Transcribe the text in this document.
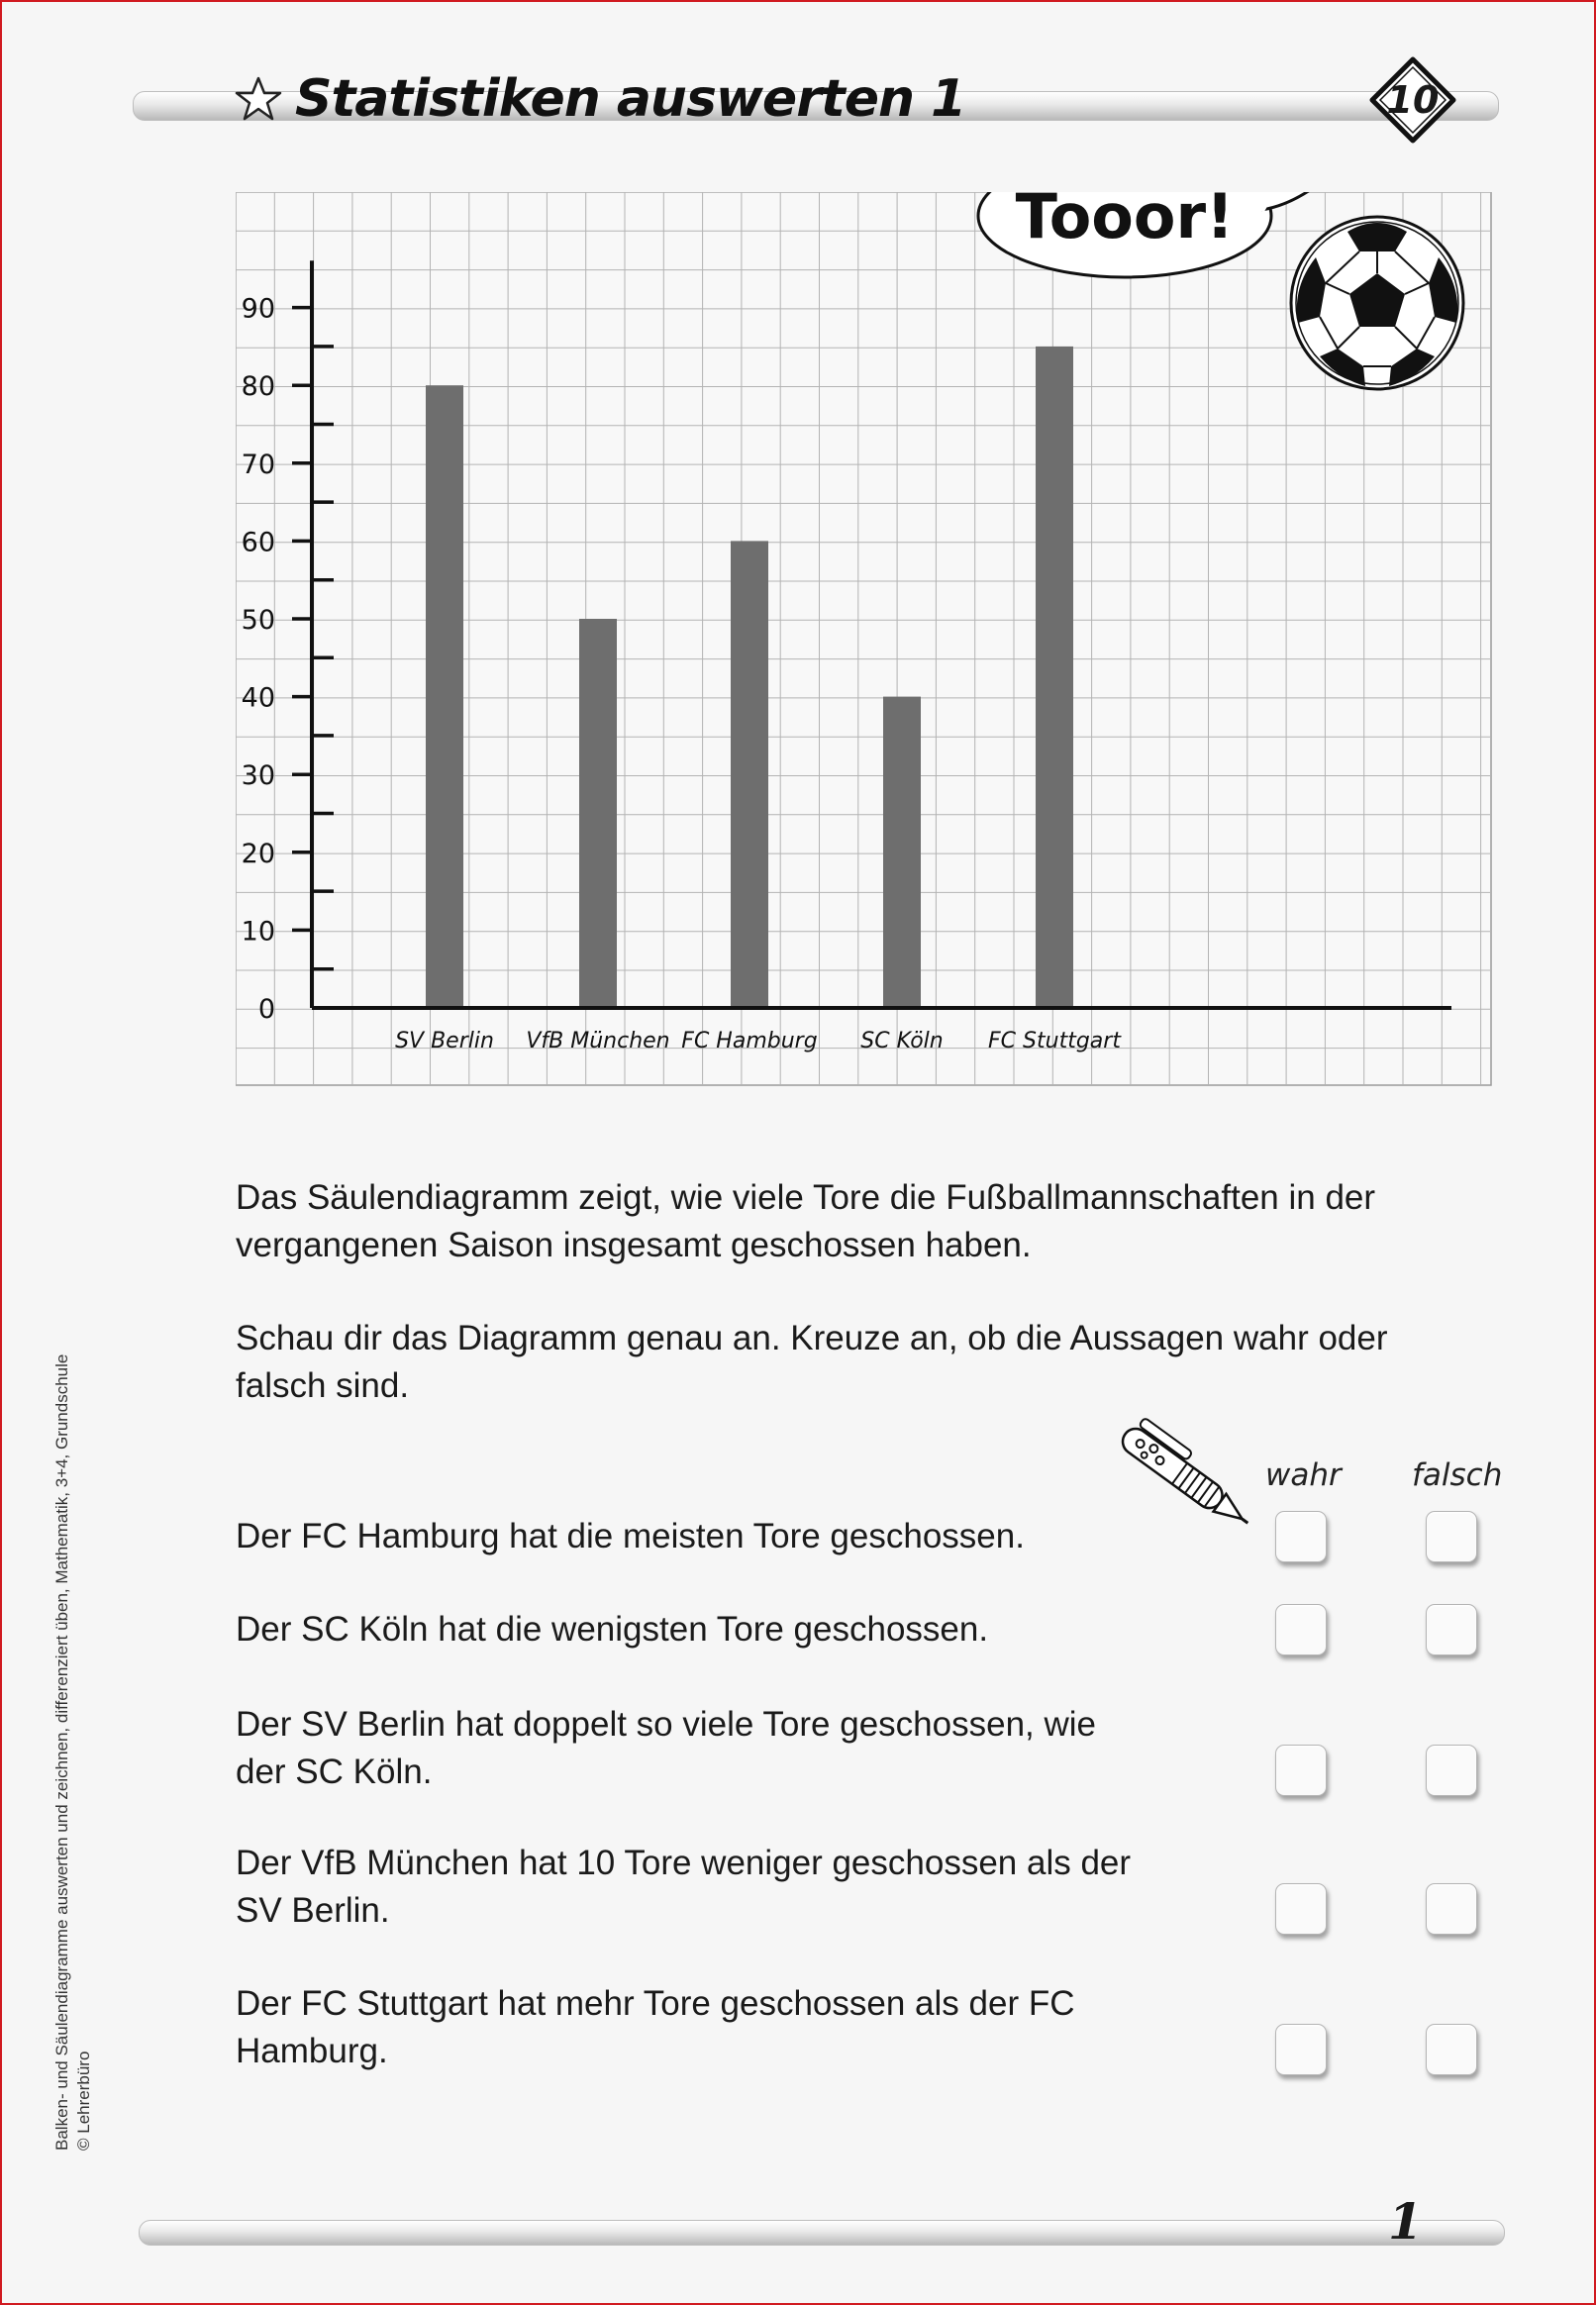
Statistiken auswerten 1	10
SV Berlin VfB München FC Hamburg SC Köln FC Stuttgart
0
10
20
30
40
50
60
70
80
90
Tooor!

Das Säulendiagramm zeigt, wie viele Tore die Fußballmannschaften in der vergangenen Saison insgesamt geschossen haben.

Schau dir das Diagramm genau an. Kreuze an, ob die Aussagen wahr oder falsch sind.

wahr falsch

Der FC Hamburg hat die meisten Tore geschossen.

Der SC Köln hat die wenigsten Tore geschossen.

Der SV Berlin hat doppelt so viele Tore geschossen, wie der SC Köln.

Der VfB München hat 10 Tore weniger geschossen als der SV Berlin.

Der FC Stuttgart hat mehr Tore geschossen als der FC Hamburg.

Balken- und Säulendiagramme auswerten und zeichnen, differenziert üben, Mathematik, 3+4, Grundschule © Lehrerbüro
1
